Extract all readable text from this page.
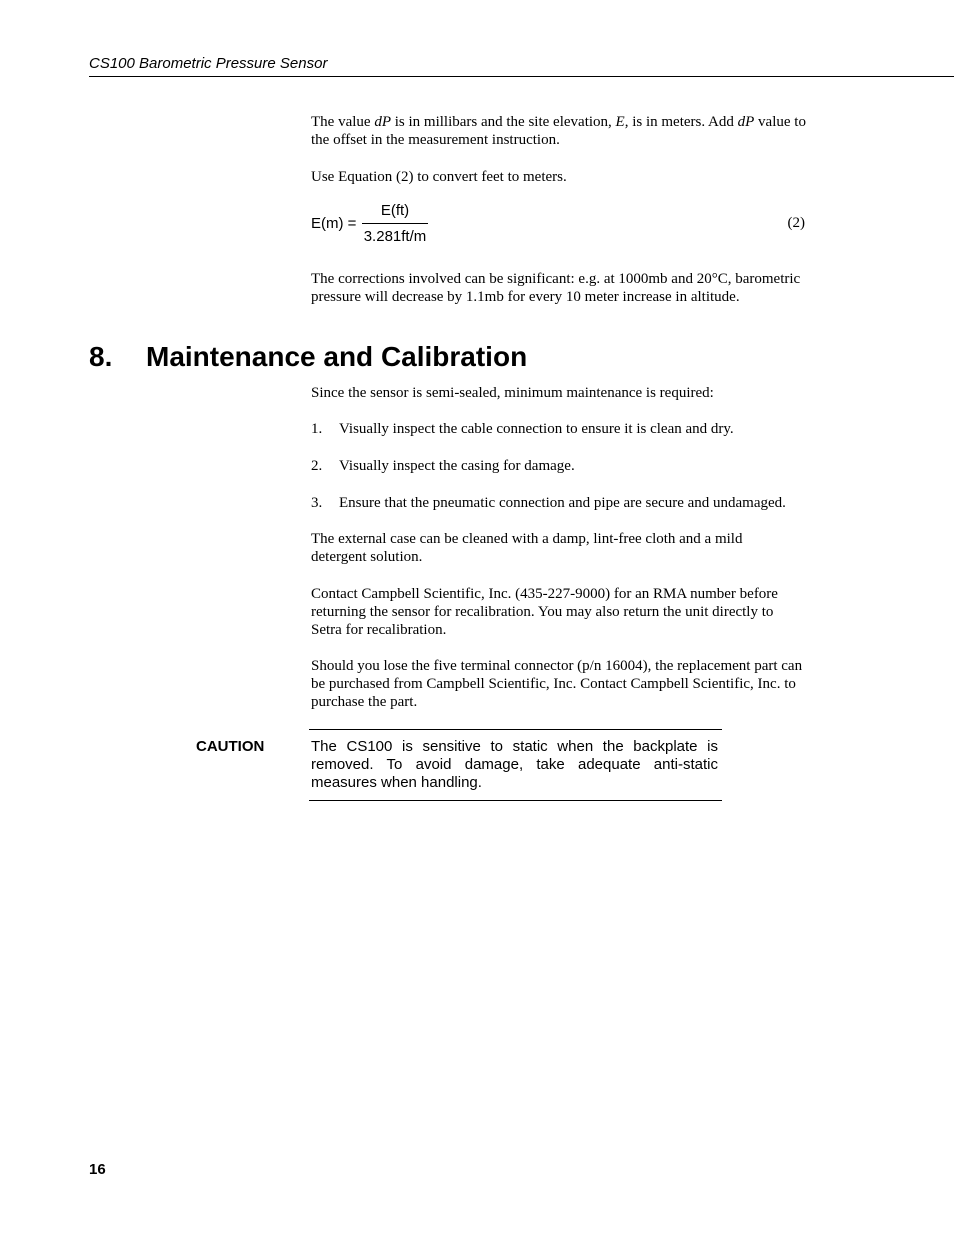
CS100 Barometric Pressure Sensor

The value dP is in millibars and the site elevation, E, is in meters. Add dP value to the offset in the measurement instruction.

Use Equation (2) to convert feet to meters.

E(m) =
E(ft)
3.281ft/m
(2)

The corrections involved can be significant: e.g. at 1000mb and 20°C, barometric pressure will decrease by 1.1mb for every 10 meter increase in altitude.

8. Maintenance and Calibration

Since the sensor is semi-sealed, minimum maintenance is required:

1. Visually inspect the cable connection to ensure it is clean and dry.
2. Visually inspect the casing for damage.
3. Ensure that the pneumatic connection and pipe are secure and undamaged.

The external case can be cleaned with a damp, lint-free cloth and a mild detergent solution.

Contact Campbell Scientific, Inc. (435-227-9000) for an RMA number before returning the sensor for recalibration. You may also return the unit directly to Setra for recalibration.

Should you lose the five terminal connector (p/n 16004), the replacement part can be purchased from Campbell Scientific, Inc. Contact Campbell Scientific, Inc. to purchase the part.

CAUTION	The CS100 is sensitive to static when the backplate is removed. To avoid damage, take adequate anti-static measures when handling.

16
